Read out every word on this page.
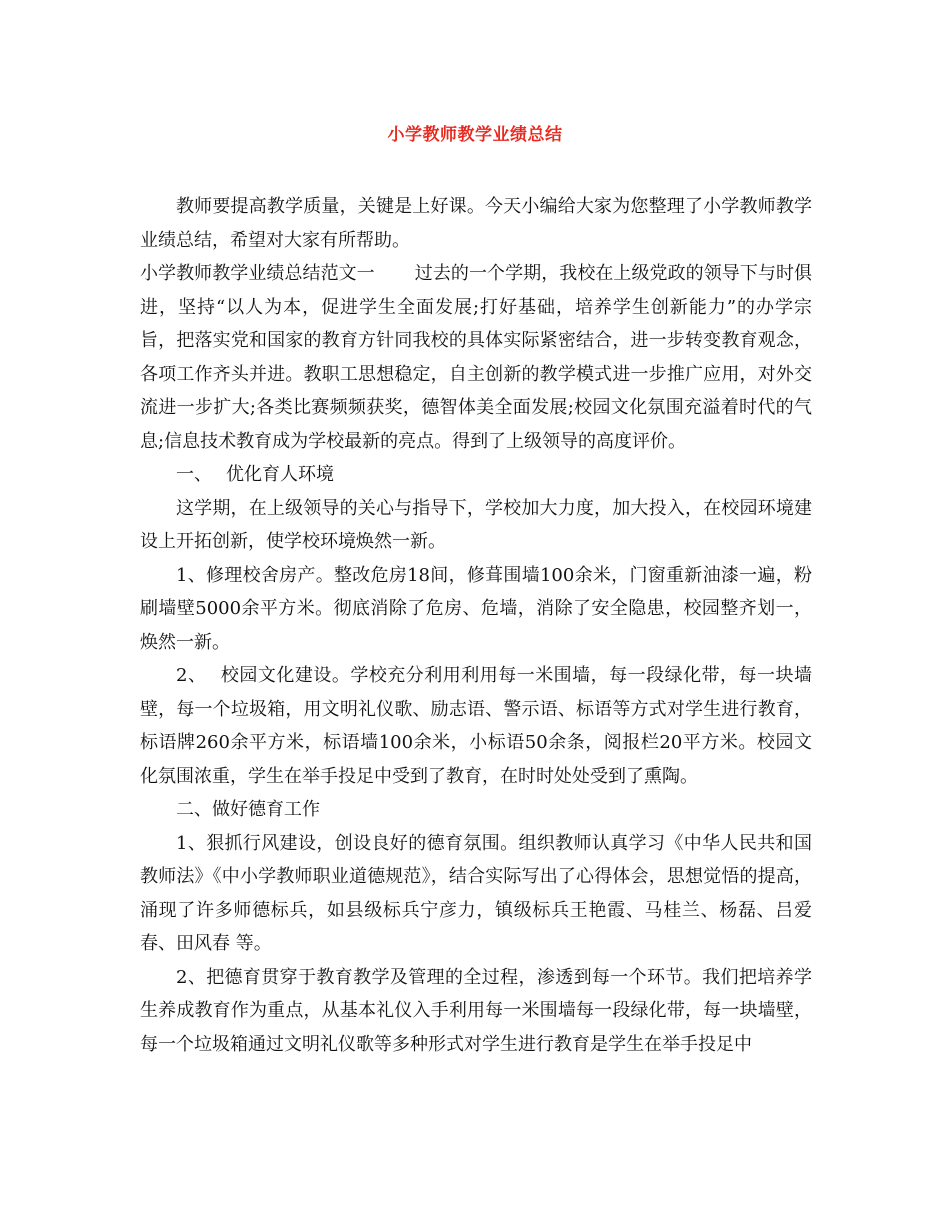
小学教师教学业绩总结

教师要提高教学质量，关键是上好课。今天小编给大家为您整理了小学教师教学业绩总结，希望对大家有所帮助。

小学教师教学业绩总结范文一 过去的一个学期，我校在上级党政的领导下与时俱进，坚持“以人为本，促进学生全面发展;打好基础，培养学生创新能力”的办学宗旨，把落实党和国家的教育方针同我校的具体实际紧密结合，进一步转变教育观念，各项工作齐头并进。教职工思想稳定，自主创新的教学模式进一步推广应用，对外交流进一步扩大;各类比赛频频获奖，德智体美全面发展;校园文化氛围充溢着时代的气息;信息技术教育成为学校最新的亮点。得到了上级领导的高度评价。

一、 优化育人环境

这学期，在上级领导的关心与指导下，学校加大力度，加大投入，在校园环境建设上开拓创新，使学校环境焕然一新。

1、修理校舍房产。整改危房18间，修葺围墙100余米，门窗重新油漆一遍，粉刷墙壁5000余平方米。彻底消除了危房、危墙，消除了安全隐患，校园整齐划一，焕然一新。

2、 校园文化建设。学校充分利用利用每一米围墙，每一段绿化带，每一块墙壁，每一个垃圾箱，用文明礼仪歌、励志语、警示语、标语等方式对学生进行教育，标语牌260余平方米，标语墙100余米，小标语50余条，阅报栏20平方米。校园文化氛围浓重，学生在举手投足中受到了教育，在时时处处受到了熏陶。

二、做好德育工作

1、狠抓行风建设，创设良好的德育氛围。组织教师认真学习《中华人民共和国教师法》《中小学教师职业道德规范》，结合实际写出了心得体会，思想觉悟的提高，涌现了许多师德标兵，如县级标兵宁彦力，镇级标兵王艳霞、马桂兰、杨磊、吕爱春、田风春 等。

2、把德育贯穿于教育教学及管理的全过程，渗透到每一个环节。我们把培养学生养成教育作为重点，从基本礼仪入手利用每一米围墙每一段绿化带，每一块墙壁，每一个垃圾箱通过文明礼仪歌等多种形式对学生进行教育是学生在举手投足中
